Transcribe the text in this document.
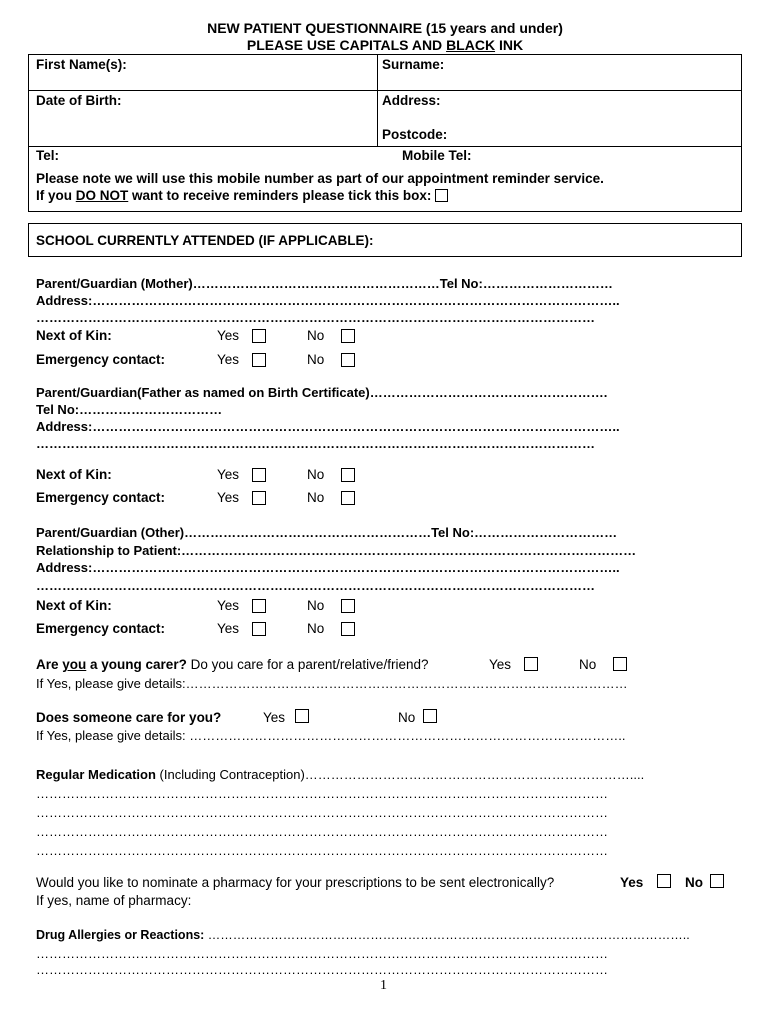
NEW PATIENT QUESTIONNAIRE (15 years and under)
PLEASE USE CAPITALS AND BLACK INK
First Name(s):	Surname:
Date of Birth:	Address:
Postcode:
Tel:	Mobile Tel:
Please note we will use this mobile number as part of our appointment reminder service.
If you DO NOT want to receive reminders please tick this box:
SCHOOL CURRENTLY ATTENDED (IF APPLICABLE):
Parent/Guardian (Mother)…………………………………………………Tel No:…………………………
Address:…………………………………………………………………………………………………………..
…………………………………………………………………………………………………………………
Next of Kin:	Yes	No
Emergency contact:	Yes	No
Parent/Guardian(Father as named on Birth Certificate)……………………………………………….
Tel No:……………………………
Address:…………………………………………………………………………………………………………..
…………………………………………………………………………………………………………………
Next of Kin:	Yes	No
Emergency contact:	Yes	No
Parent/Guardian (Other)…………………………………………………Tel No:……………………………
Relationship to Patient:……………………………………………………………………………………………
Address:…………………………………………………………………………………………………………..
…………………………………………………………………………………………………………………
Next of Kin:	Yes	No
Emergency contact:	Yes	No
Are you a young carer? Do you care for a parent/relative/friend?	Yes	No
If Yes, please give details:…………………………………………………………………………………………
Does someone care for you?	Yes	No
If Yes, please give details: ………………………………………………………………………………………..
Regular Medication (Including Contraception)…………………………………………………………………....
……………………………………………………………………………………………………………………
……………………………………………………………………………………………………………………
……………………………………………………………………………………………………………………
……………………………………………………………………………………………………………………
Would you like to nominate a pharmacy for your prescriptions to be sent electronically?	Yes	No
If yes, name of pharmacy:
Drug Allergies or Reactions: ……………………………………………………………………………………………………..
……………………………………………………………………………………………………………………
……………………………………………………………………………………………………………………
1
